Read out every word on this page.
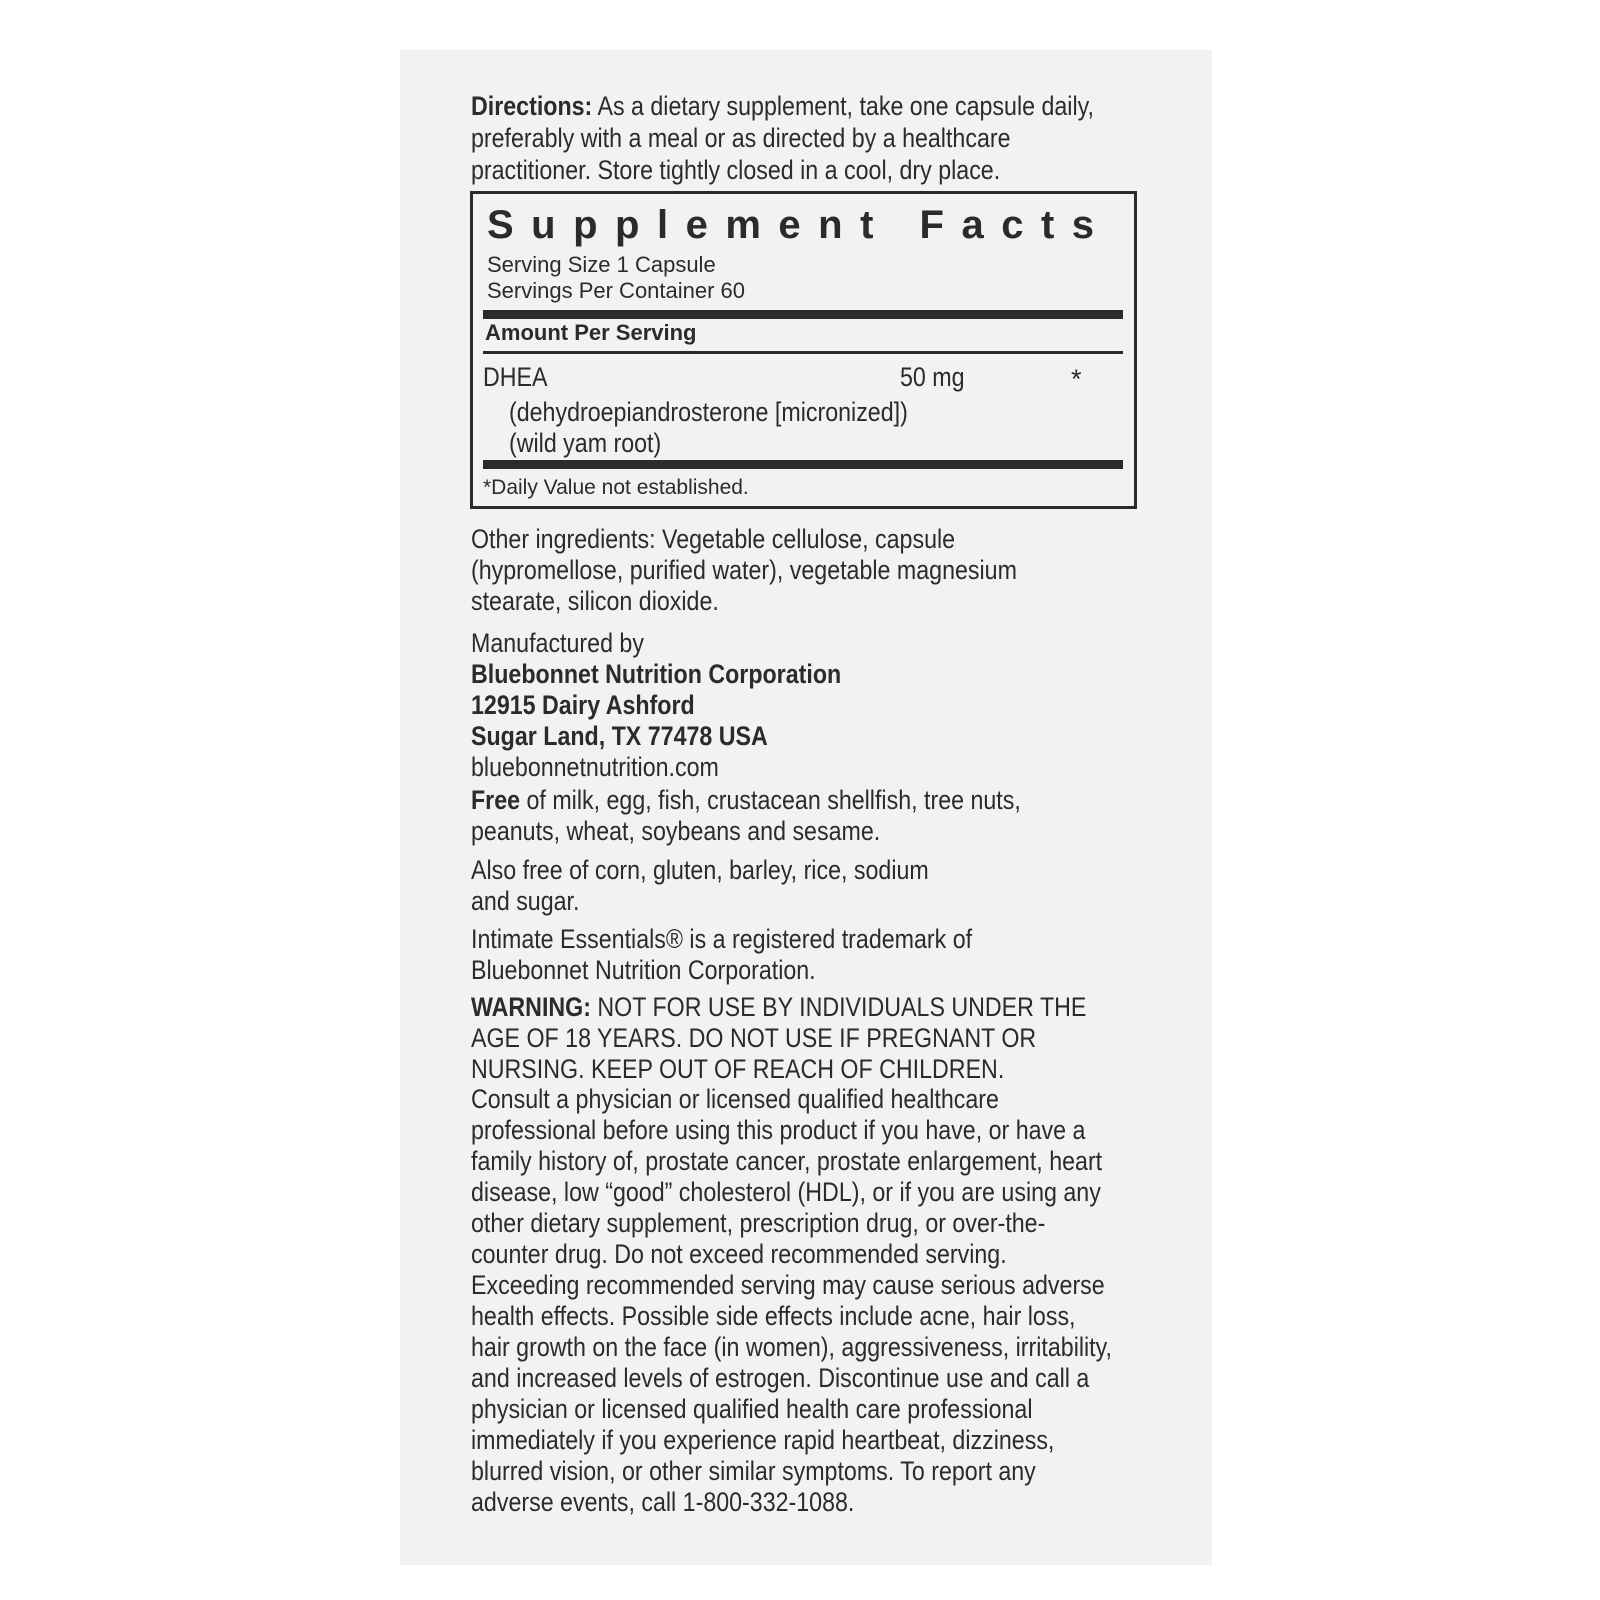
Directions: As a dietary supplement, take one capsule daily, preferably with a meal or as directed by a healthcare practitioner. Store tightly closed in a cool, dry place.

Supplement Facts
Serving Size 1 Capsule
Servings Per Container 60
Amount Per Serving
DHEA	50 mg	*
(dehydroepiandrosterone [micronized])
(wild yam root)
*Daily Value not established.

Other ingredients: Vegetable cellulose, capsule (hypromellose, purified water), vegetable magnesium stearate, silicon dioxide.

Manufactured by
Bluebonnet Nutrition Corporation
12915 Dairy Ashford
Sugar Land, TX 77478 USA
bluebonnetnutrition.com

Free of milk, egg, fish, crustacean shellfish, tree nuts, peanuts, wheat, soybeans and sesame.

Also free of corn, gluten, barley, rice, sodium and sugar.

Intimate Essentials® is a registered trademark of Bluebonnet Nutrition Corporation.

WARNING: NOT FOR USE BY INDIVIDUALS UNDER THE AGE OF 18 YEARS. DO NOT USE IF PREGNANT OR NURSING. KEEP OUT OF REACH OF CHILDREN.

Consult a physician or licensed qualified healthcare professional before using this product if you have, or have a family history of, prostate cancer, prostate enlargement, heart disease, low “good” cholesterol (HDL), or if you are using any other dietary supplement, prescription drug, or over-the-counter drug. Do not exceed recommended serving. Exceeding recommended serving may cause serious adverse health effects. Possible side effects include acne, hair loss, hair growth on the face (in women), aggressiveness, irritability, and increased levels of estrogen. Discontinue use and call a physician or licensed qualified health care professional immediately if you experience rapid heartbeat, dizziness, blurred vision, or other similar symptoms. To report any adverse events, call 1-800-332-1088.
